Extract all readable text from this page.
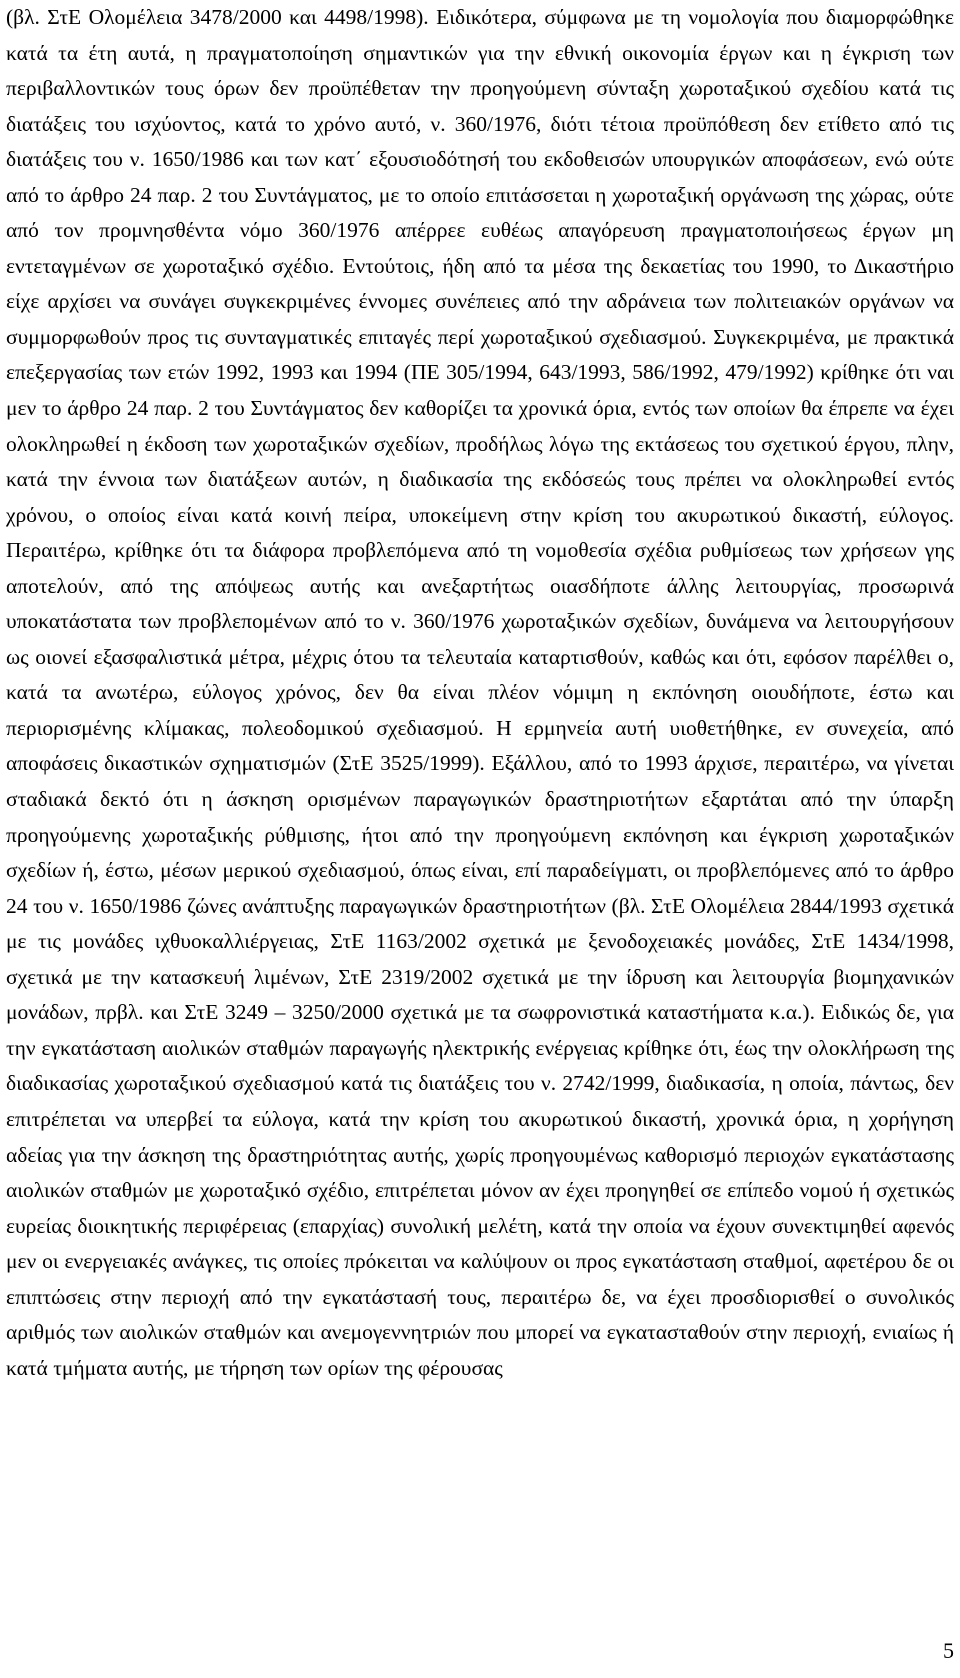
(βλ. ΣτΕ Ολομέλεια 3478/2000 και 4498/1998). Ειδικότερα, σύμφωνα με τη νομολογία που διαμορφώθηκε κατά τα έτη αυτά, η πραγματοποίηση σημαντικών για την εθνική οικονομία έργων και η έγκριση των περιβαλλοντικών τους όρων δεν προϋπέθεταν την προηγούμενη σύνταξη χωροταξικού σχεδίου κατά τις διατάξεις του ισχύοντος, κατά το χρόνο αυτό, ν. 360/1976, διότι τέτοια προϋπόθεση δεν ετίθετο από τις διατάξεις του ν. 1650/1986 και των κατ΄ εξουσιοδότησή του εκδοθεισών υπουργικών αποφάσεων, ενώ ούτε από το άρθρο 24 παρ. 2 του Συντάγματος, με το οποίο επιτάσσεται η χωροταξική οργάνωση της χώρας, ούτε από τον προμνησθέντα νόμο 360/1976 απέρρεε ευθέως απαγόρευση πραγματοποιήσεως έργων μη εντεταγμένων σε χωροταξικό σχέδιο. Εντούτοις, ήδη από τα μέσα της δεκαετίας του 1990, το Δικαστήριο είχε αρχίσει να συνάγει συγκεκριμένες έννομες συνέπειες από την αδράνεια των πολιτειακών οργάνων να συμμορφωθούν προς τις συνταγματικές επιταγές περί χωροταξικού σχεδιασμού. Συγκεκριμένα, με πρακτικά επεξεργασίας των ετών 1992, 1993 και 1994 (ΠΕ 305/1994, 643/1993, 586/1992, 479/1992) κρίθηκε ότι ναι μεν το άρθρο 24 παρ. 2 του Συντάγματος δεν καθορίζει τα χρονικά όρια, εντός των οποίων θα έπρεπε να έχει ολοκληρωθεί η έκδοση των χωροταξικών σχεδίων, προδήλως λόγω της εκτάσεως του σχετικού έργου, πλην, κατά την έννοια των διατάξεων αυτών, η διαδικασία της εκδόσεώς τους πρέπει να ολοκληρωθεί εντός χρόνου, ο οποίος είναι κατά κοινή πείρα, υποκείμενη στην κρίση του ακυρωτικού δικαστή, εύλογος. Περαιτέρω, κρίθηκε ότι τα διάφορα προβλεπόμενα από τη νομοθεσία σχέδια ρυθμίσεως των χρήσεων γης αποτελούν, από της απόψεως αυτής και ανεξαρτήτως οιασδήποτε άλλης λειτουργίας, προσωρινά υποκατάστατα των προβλεπομένων από το ν. 360/1976 χωροταξικών σχεδίων, δυνάμενα να λειτουργήσουν ως οιονεί εξασφαλιστικά μέτρα, μέχρις ότου τα τελευταία καταρτισθούν, καθώς και ότι, εφόσον παρέλθει ο, κατά τα ανωτέρω, εύλογος χρόνος, δεν θα είναι πλέον νόμιμη η εκπόνηση οιουδήποτε, έστω και περιορισμένης κλίμακας, πολεοδομικού σχεδιασμού. Η ερμηνεία αυτή υιοθετήθηκε, εν συνεχεία, από αποφάσεις δικαστικών σχηματισμών (ΣτΕ 3525/1999). Εξάλλου, από το 1993 άρχισε, περαιτέρω, να γίνεται σταδιακά δεκτό ότι η άσκηση ορισμένων παραγωγικών δραστηριοτήτων εξαρτάται από την ύπαρξη προηγούμενης χωροταξικής ρύθμισης, ήτοι από την προηγούμενη εκπόνηση και έγκριση χωροταξικών σχεδίων ή, έστω, μέσων μερικού σχεδιασμού, όπως είναι, επί παραδείγματι, οι προβλεπόμενες από το άρθρο 24 του ν. 1650/1986 ζώνες ανάπτυξης παραγωγικών δραστηριοτήτων (βλ. ΣτΕ Ολομέλεια 2844/1993 σχετικά με τις μονάδες ιχθυοκαλλιέργειας, ΣτΕ 1163/2002 σχετικά με ξενοδοχειακές μονάδες, ΣτΕ 1434/1998, σχετικά με την κατασκευή λιμένων, ΣτΕ 2319/2002 σχετικά με την ίδρυση και λειτουργία βιομηχανικών μονάδων, πρβλ. και ΣτΕ 3249 – 3250/2000 σχετικά με τα σωφρονιστικά καταστήματα κ.α.). Ειδικώς δε, για την εγκατάσταση αιολικών σταθμών παραγωγής ηλεκτρικής ενέργειας κρίθηκε ότι, έως την ολοκλήρωση της διαδικασίας χωροταξικού σχεδιασμού κατά τις διατάξεις του ν. 2742/1999, διαδικασία, η οποία, πάντως, δεν επιτρέπεται να υπερβεί τα εύλογα, κατά την κρίση του ακυρωτικού δικαστή, χρονικά όρια, η χορήγηση αδείας για την άσκηση της δραστηριότητας αυτής, χωρίς προηγουμένως καθορισμό περιοχών εγκατάστασης αιολικών σταθμών με χωροταξικό σχέδιο, επιτρέπεται μόνον αν έχει προηγηθεί σε επίπεδο νομού ή σχετικώς ευρείας διοικητικής περιφέρειας (επαρχίας) συνολική μελέτη, κατά την οποία να έχουν συνεκτιμηθεί αφενός μεν οι ενεργειακές ανάγκες, τις οποίες πρόκειται να καλύψουν οι προς εγκατάσταση σταθμοί, αφετέρου δε οι επιπτώσεις στην περιοχή από την εγκατάστασή τους, περαιτέρω δε, να έχει προσδιορισθεί ο συνολικός αριθμός των αιολικών σταθμών και ανεμογεννητριών που μπορεί να εγκατασταθούν στην περιοχή, ενιαίως ή κατά τμήματα αυτής, με τήρηση των ορίων της φέρουσας

5
